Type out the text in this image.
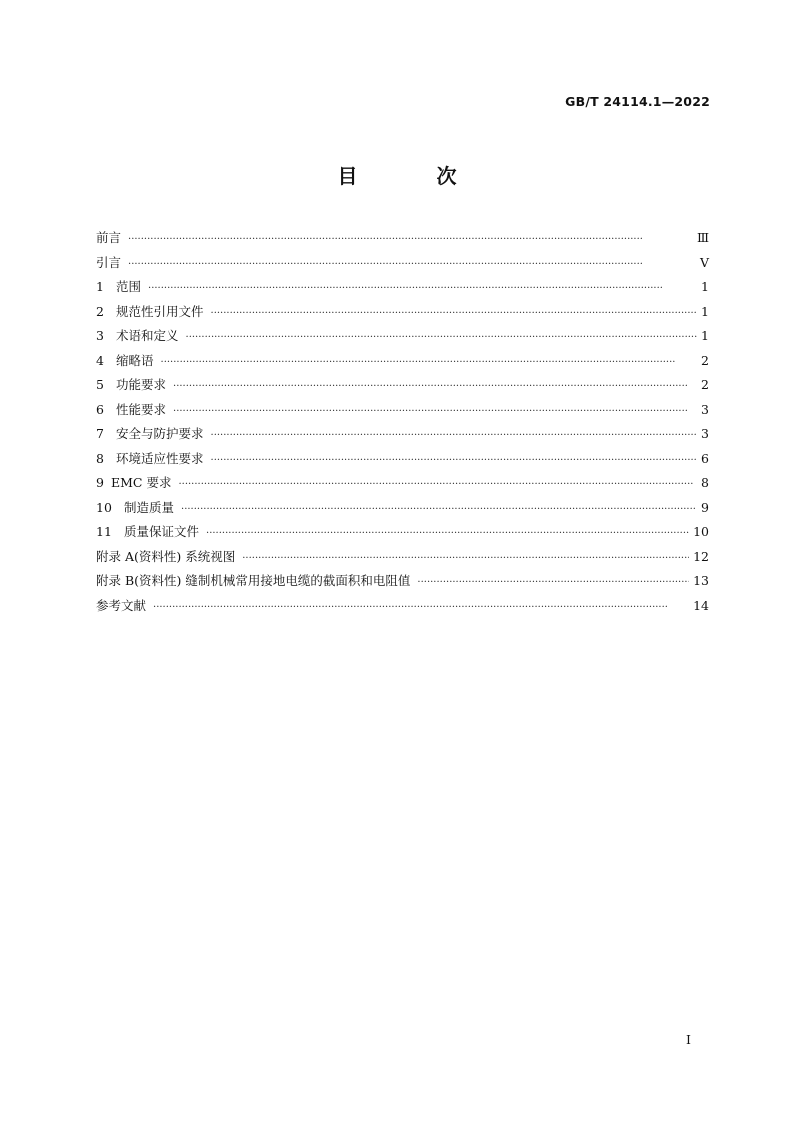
GB/T 24114.1—2022
目 次
前言 ·····	Ⅲ
引言 ·····	V
1 范围 ·····	1
2 规范性引用文件 ·····	1
3 术语和定义 ·····	1
4 缩略语 ·····	2
5 功能要求 ·····	2
6 性能要求 ·····	3
7 安全与防护要求 ·····	3
8 环境适应性要求 ·····	6
9 EMC 要求 ·····	8
10 制造质量 ·····	9
11 质量保证文件 ·····	10
附录 A (资料性) 系统视图 ·····	12
附录 B (资料性) 缝制机械常用接地电缆的截面积和电阻值 ·····	13
参考文献 ·····	14
I
